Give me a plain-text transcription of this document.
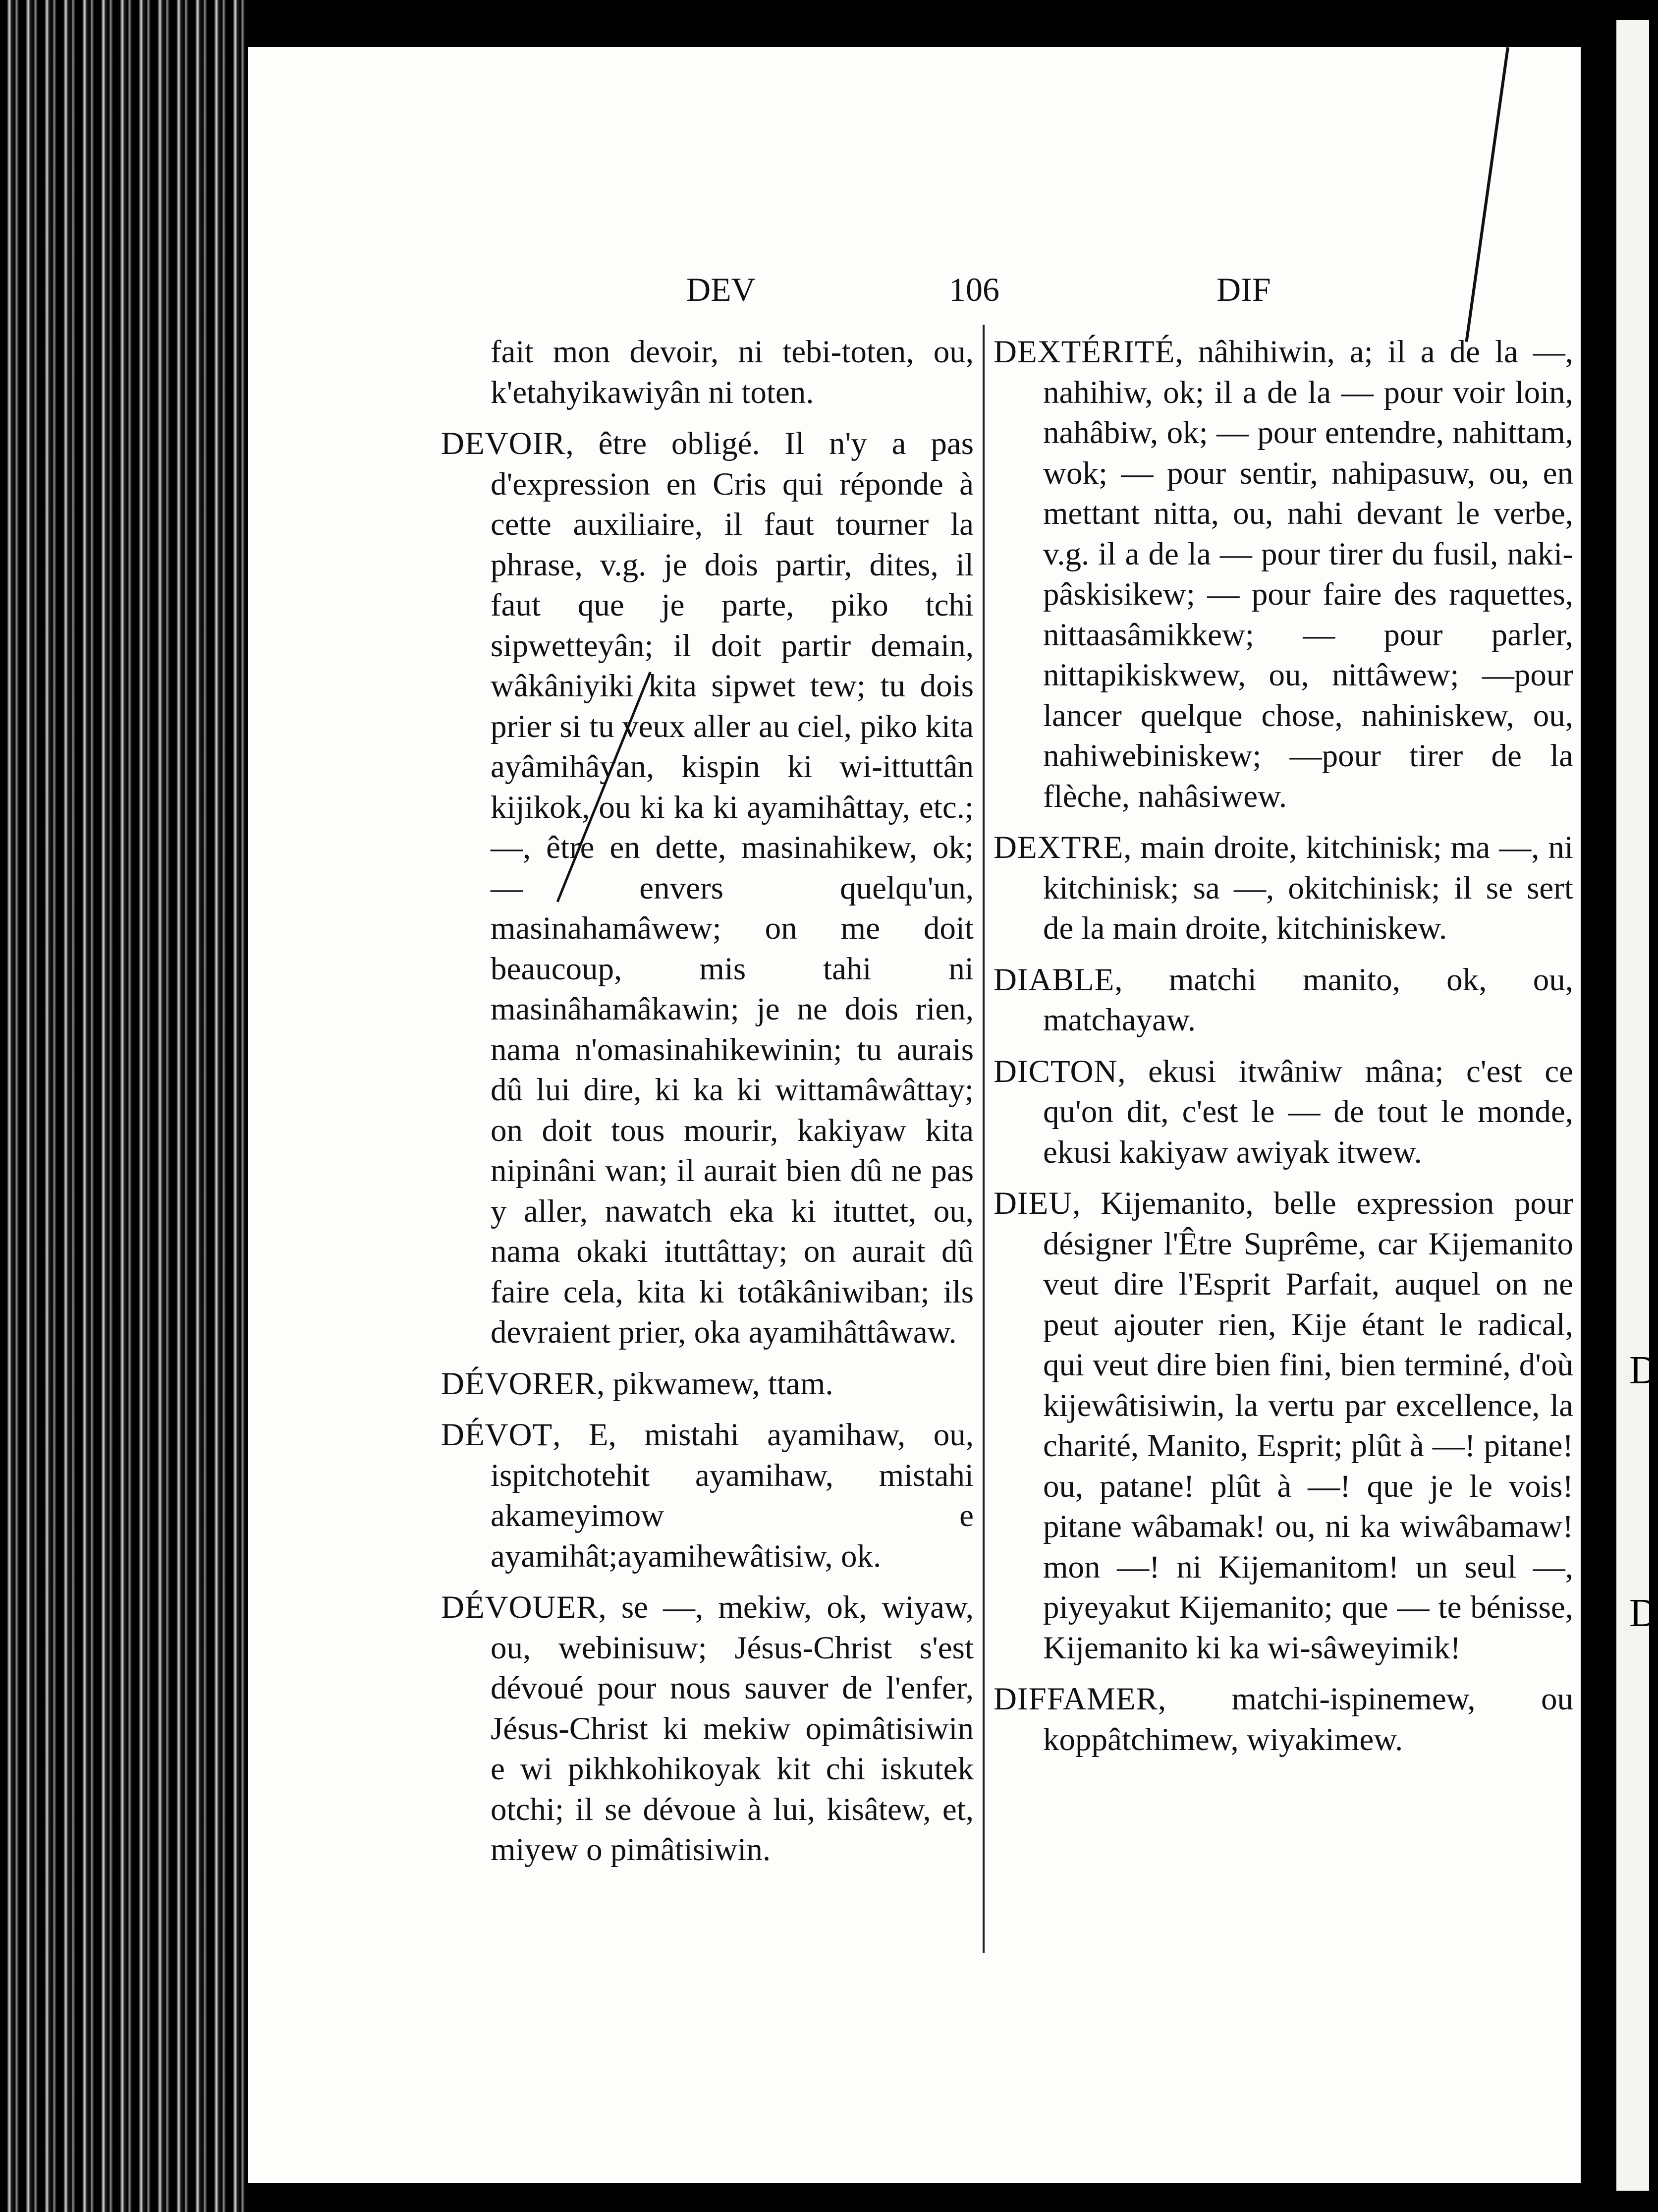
DEV	106	DIF

fait mon devoir, ni tebi-toten, ou, k'etahyikawiyân ni toten.

DEVOIR, être obligé. Il n'y a pas d'expression en Cris qui réponde à cette auxiliaire, il faut tourner la phrase, v.g. je dois partir, dites, il faut que je parte, piko tchi sipwetteyân; il doit partir demain, wâkâniyiki kita sipwet tew; tu dois prier si tu veux aller au ciel, piko kita ayâmihâyan, kispin ki wi-ittuttân kijikok, ou ki ka ki ayamihâttay, etc.; —, être en dette, masinahikew, ok; — envers quelqu'un, masinahamâwew; on me doit beaucoup, mis tahi ni masinâhamâkawin; je ne dois rien, nama n'omasinahikewinin; tu aurais dû lui dire, ki ka ki wittamâwâttay; on doit tous mourir, kakiyaw kita nipinâni wan; il aurait bien dû ne pas y aller, nawatch eka ki ituttet, ou, nama okaki ituttâttay; on aurait dû faire cela, kita ki totâkâniwiban; ils devraient prier, oka ayamihâttâwaw.

DÉVORER, pikwamew, ttam.

DÉVOT, E, mistahi ayamihaw, ou, ispitchotehit ayamihaw, mistahi akameyimow e ayamihât;ayamihewâtisiw, ok.

DÉVOUER, se —, mekiw, ok, wiyaw, ou, webinisuw; Jésus-Christ s'est dévoué pour nous sauver de l'enfer, Jésus-Christ ki mekiw opimâtisiwin e wi pikhkohikoyak kit chi iskutek otchi; il se dévoue à lui, kisâtew, et, miyew o pimâtisiwin.

DEXTÉRITÉ, nâhihiwin, a; il a de la —, nahihiw, ok; il a de la — pour voir loin, nahâbiw, ok; — pour entendre, nahittam, wok; — pour sentir, nahipasuw, ou, en mettant nitta, ou, nahi devant le verbe, v.g. il a de la — pour tirer du fusil, naki-pâskisikew; — pour faire des raquettes, nittaasâmikkew; — pour parler, nittapikiskwew, ou, nittâwew; —pour lancer quelque chose, nahiniskew, ou, nahiwebiniskew; —pour tirer de la flèche, nahâsiwew.

DEXTRE, main droite, kitchinisk; ma —, ni kitchinisk; sa —, okitchinisk; il se sert de la main droite, kitchiniskew.

DIABLE, matchi manito, ok, ou, matchayaw.

DICTON, ekusi itwâniw mâna; c'est ce qu'on dit, c'est le — de tout le monde, ekusi kakiyaw awiyak itwew.

DIEU, Kijemanito, belle expression pour désigner l'Être Suprême, car Kijemanito veut dire l'Esprit Parfait, auquel on ne peut ajouter rien, Kije étant le radical, qui veut dire bien fini, bien terminé, d'où kijewâtisiwin, la vertu par excellence, la charité, Manito, Esprit; plût à —! pitane! ou, patane! plût à —! que je le vois! pitane wâbamak! ou, ni ka wiwâbamaw! mon —! ni Kijemanitom! un seul —, piyeyakut Kijemanito; que — te bénisse, Kijemanito ki ka wi-sâweyimik!

DIFFAMER, matchi-ispinemew, ou koppâtchimew, wiyakimew.

D
D
